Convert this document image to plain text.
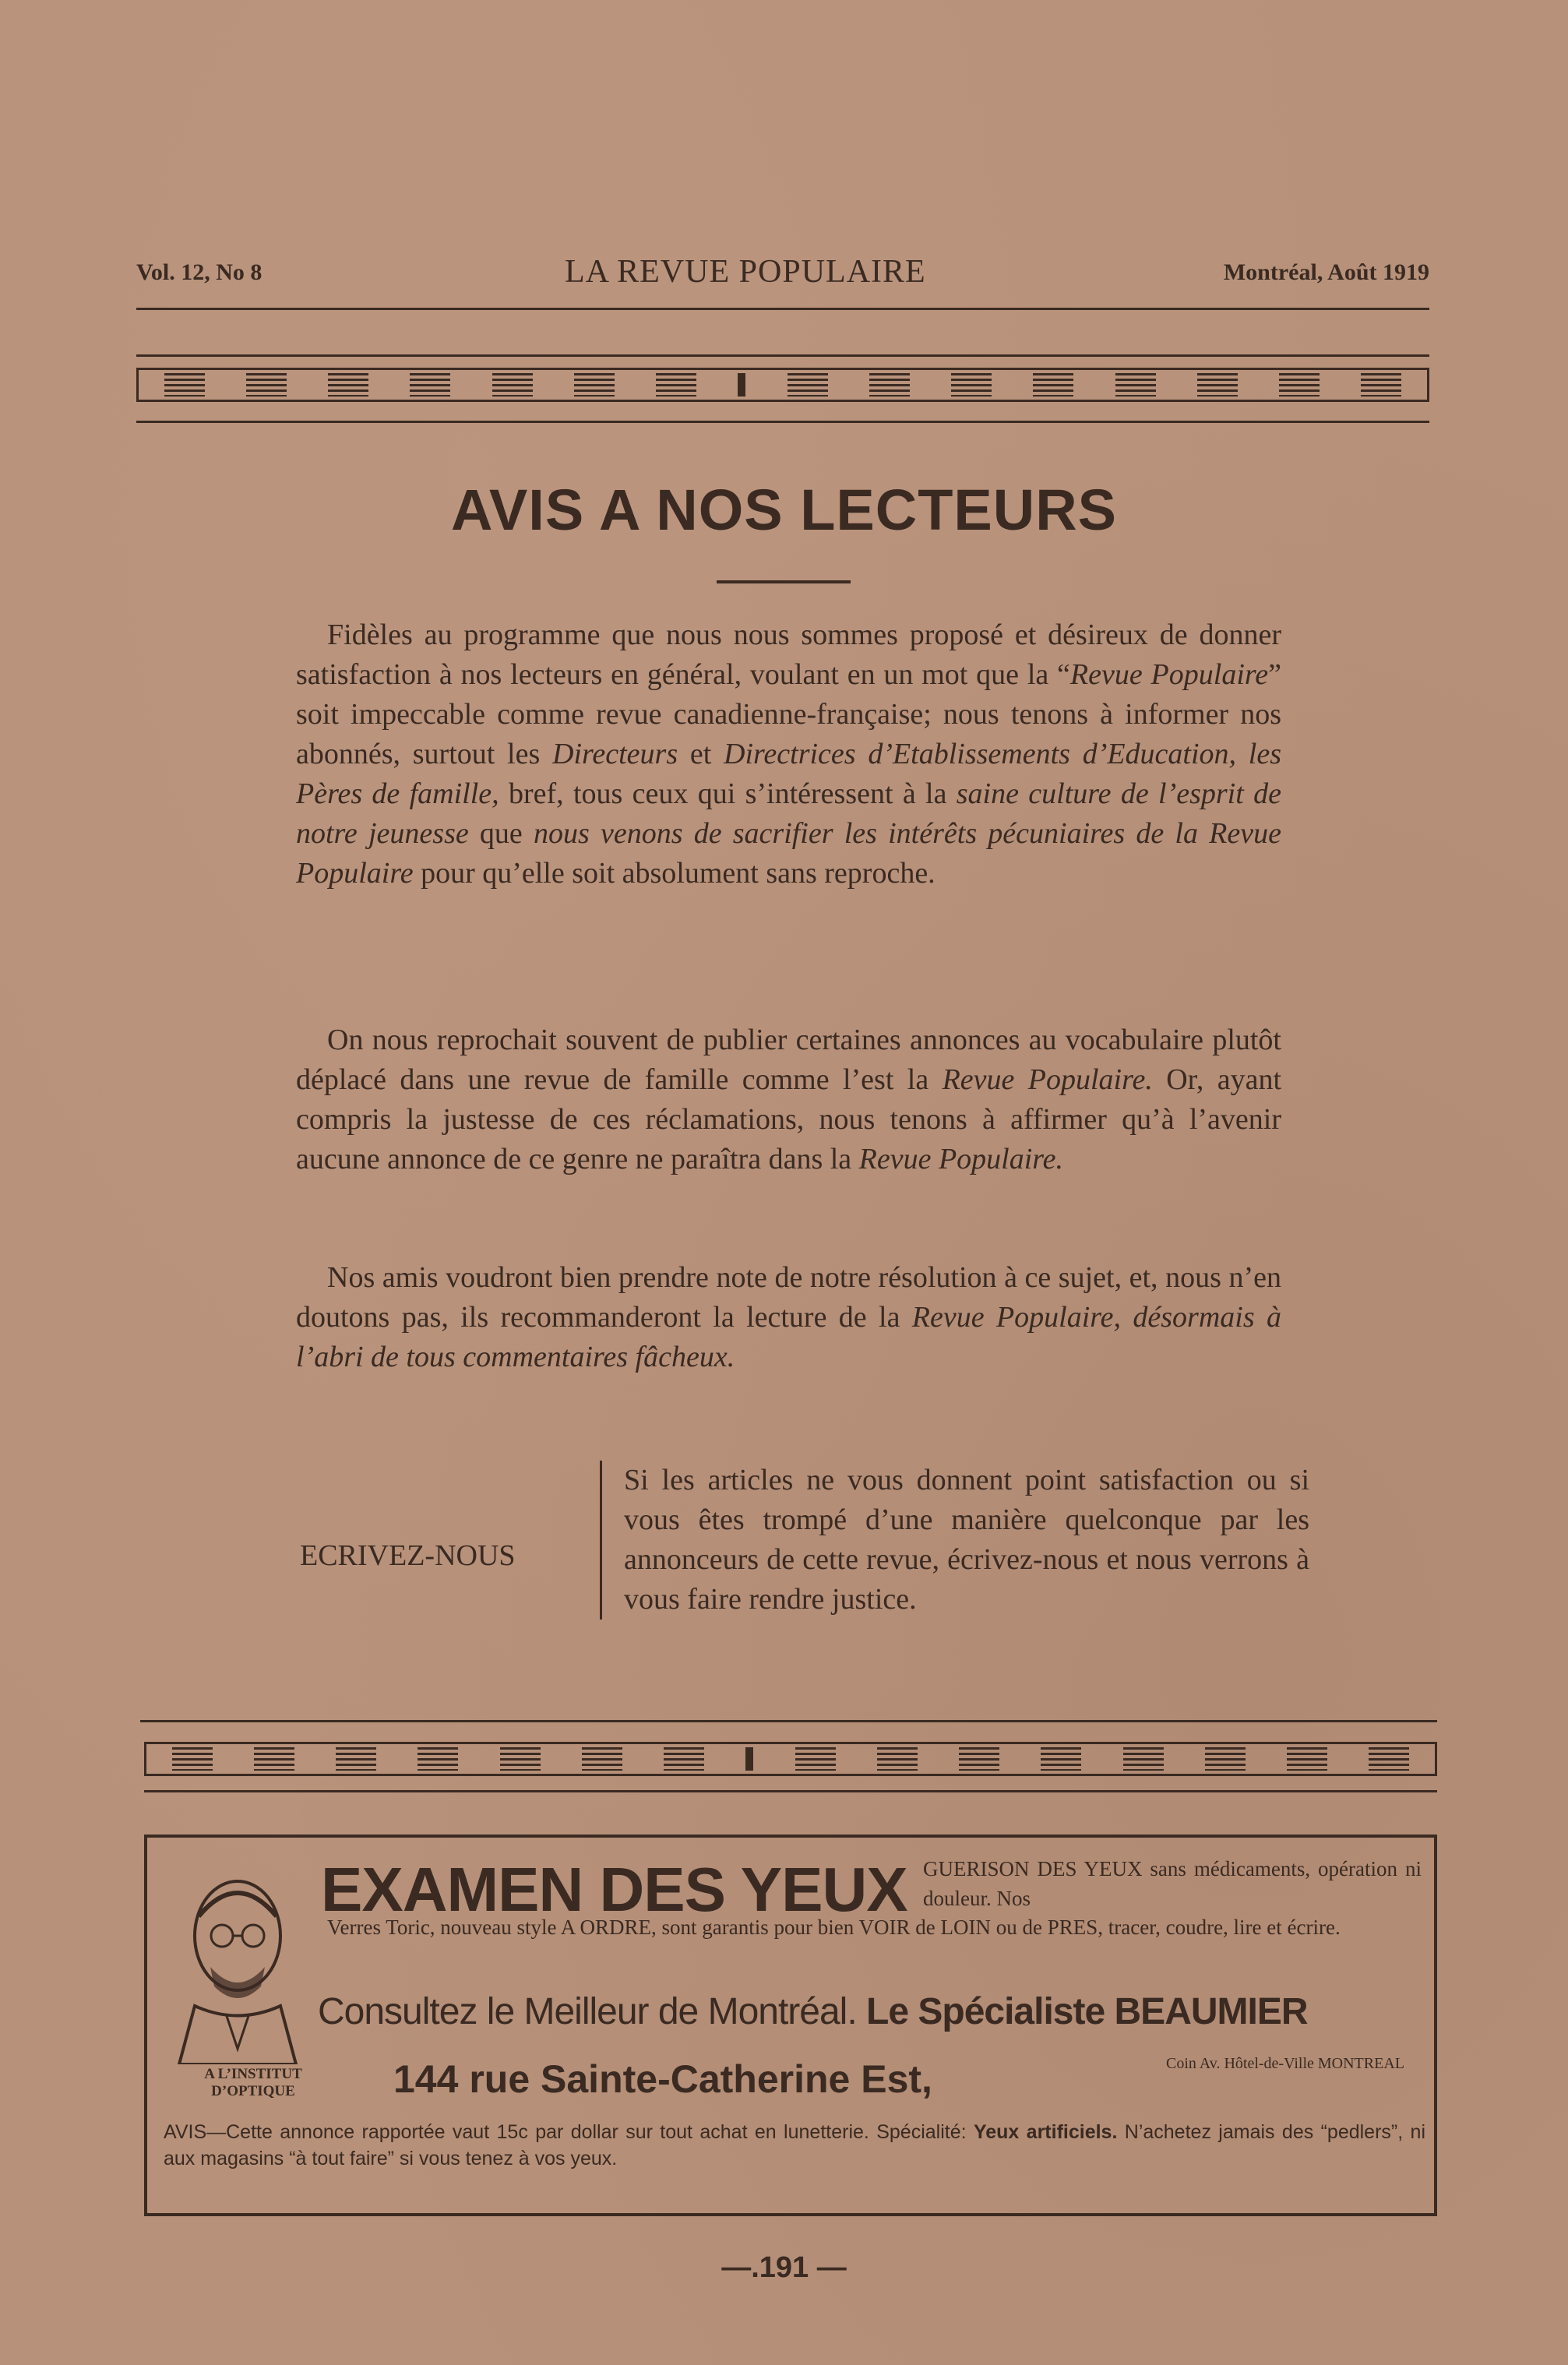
Vol. 12, No 8	LA REVUE POPULAIRE	Montréal, Août 1919
AVIS A NOS LECTEURS

Fidèles au programme que nous nous sommes proposé et désireux de donner satisfaction à nos lecteurs en général, voulant en un mot que la “Revue Populaire” soit impeccable comme revue canadienne-française; nous tenons à informer nos abonnés, surtout les Directeurs et Directrices d’Etablissements d’Education, les Pères de famille, bref, tous ceux qui s’intéressent à la saine culture de l’esprit de notre jeunesse que nous venons de sacrifier les intérêts pécuniaires de la Revue Populaire pour qu’elle soit absolument sans reproche.

On nous reprochait souvent de publier certaines annonces au vocabulaire plutôt déplacé dans une revue de famille comme l’est la Revue Populaire. Or, ayant compris la justesse de ces réclamations, nous tenons à affirmer qu’à l’avenir aucune annonce de ce genre ne paraîtra dans la Revue Populaire.

Nos amis voudront bien prendre note de notre résolution à ce sujet, et, nous n’en doutons pas, ils recommanderont la lecture de la Revue Populaire, désormais à l’abri de tous commentaires fâcheux.

ECRIVEZ-NOUS
Si les articles ne vous donnent point satisfaction ou si vous êtes trompé d’une manière quelconque par les annonceurs de cette revue, écrivez-nous et nous verrons à vous faire rendre justice.
EXAMEN DES YEUX GUERISON DES YEUX sans médicaments, opération ni douleur. Nos
Verres Toric, nouveau style A ORDRE, sont garantis pour bien VOIR de LOIN ou de PRES, tracer, coudre, lire et écrire.
Consultez le Meilleur de Montréal. Le Spécialiste BEAUMIER
A L’INSTITUT D’OPTIQUE	144 rue Sainte-Catherine Est,	Coin Av. Hôtel-de-Ville MONTREAL
AVIS—Cette annonce rapportée vaut 15c par dollar sur tout achat en lunetterie. Spécialité: Yeux artificiels. N’achetez jamais des “pedlers”, ni aux magasins “à tout faire” si vous tenez à vos yeux.
—.191 —
